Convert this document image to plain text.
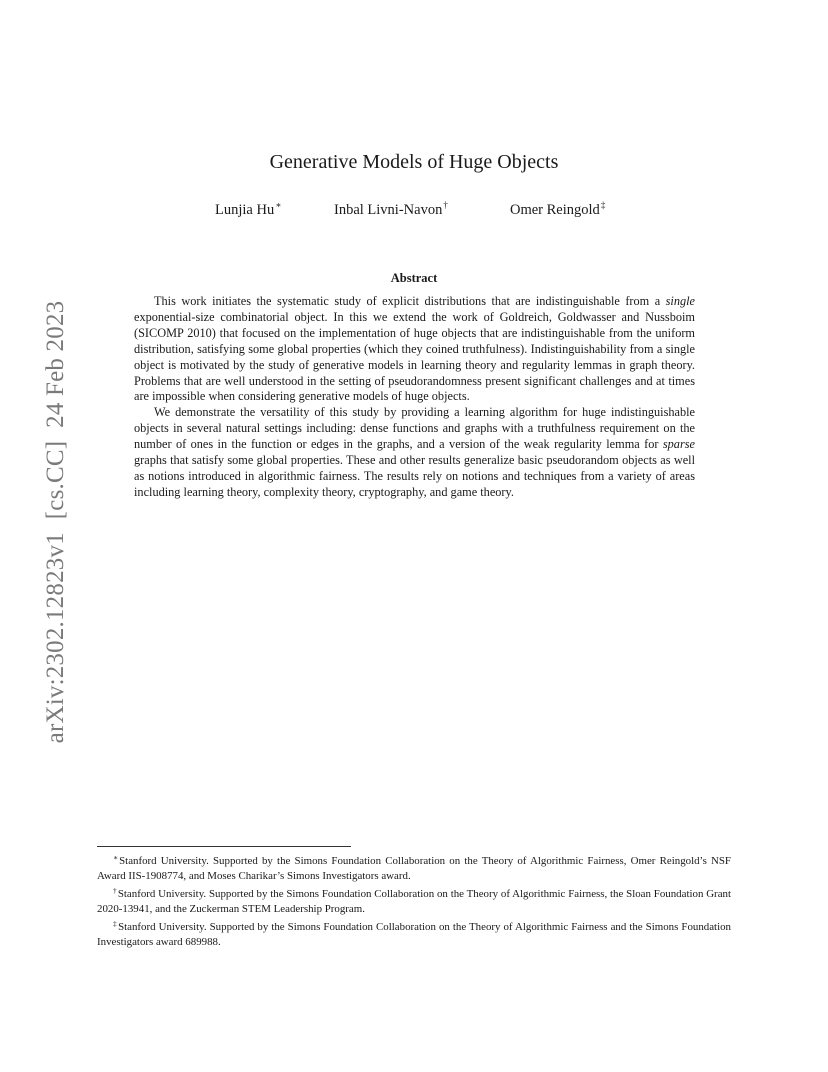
arXiv:2302.12823v1  [cs.CC]  24 Feb 2023
Generative Models of Huge Objects
Lunjia Hu∗	Inbal Livni-Navon†	Omer Reingold‡
Abstract

This work initiates the systematic study of explicit distributions that are indistinguishable from a single exponential-size combinatorial object. In this we extend the work of Goldreich, Goldwasser and Nussboim (SICOMP 2010) that focused on the implementation of huge objects that are indistinguishable from the uniform distribution, satisfying some global properties (which they coined truthfulness). Indistinguishability from a single object is motivated by the study of generative models in learning theory and regularity lemmas in graph theory. Problems that are well understood in the setting of pseudorandomness present significant challenges and at times are impossible when considering generative models of huge objects.

We demonstrate the versatility of this study by providing a learning algorithm for huge indistinguishable objects in several natural settings including: dense functions and graphs with a truthfulness requirement on the number of ones in the function or edges in the graphs, and a version of the weak regularity lemma for sparse graphs that satisfy some global properties. These and other results generalize basic pseudorandom objects as well as notions introduced in algorithmic fairness. The results rely on notions and techniques from a variety of areas including learning theory, complexity theory, cryptography, and game theory.

∗Stanford University. Supported by the Simons Foundation Collaboration on the Theory of Algorithmic Fairness, Omer Reingold’s NSF Award IIS-1908774, and Moses Charikar’s Simons Investigators award.

†Stanford University. Supported by the Simons Foundation Collaboration on the Theory of Algorithmic Fairness, the Sloan Foundation Grant 2020-13941, and the Zuckerman STEM Leadership Program.

‡Stanford University. Supported by the Simons Foundation Collaboration on the Theory of Algorithmic Fairness and the Simons Foundation Investigators award 689988.
